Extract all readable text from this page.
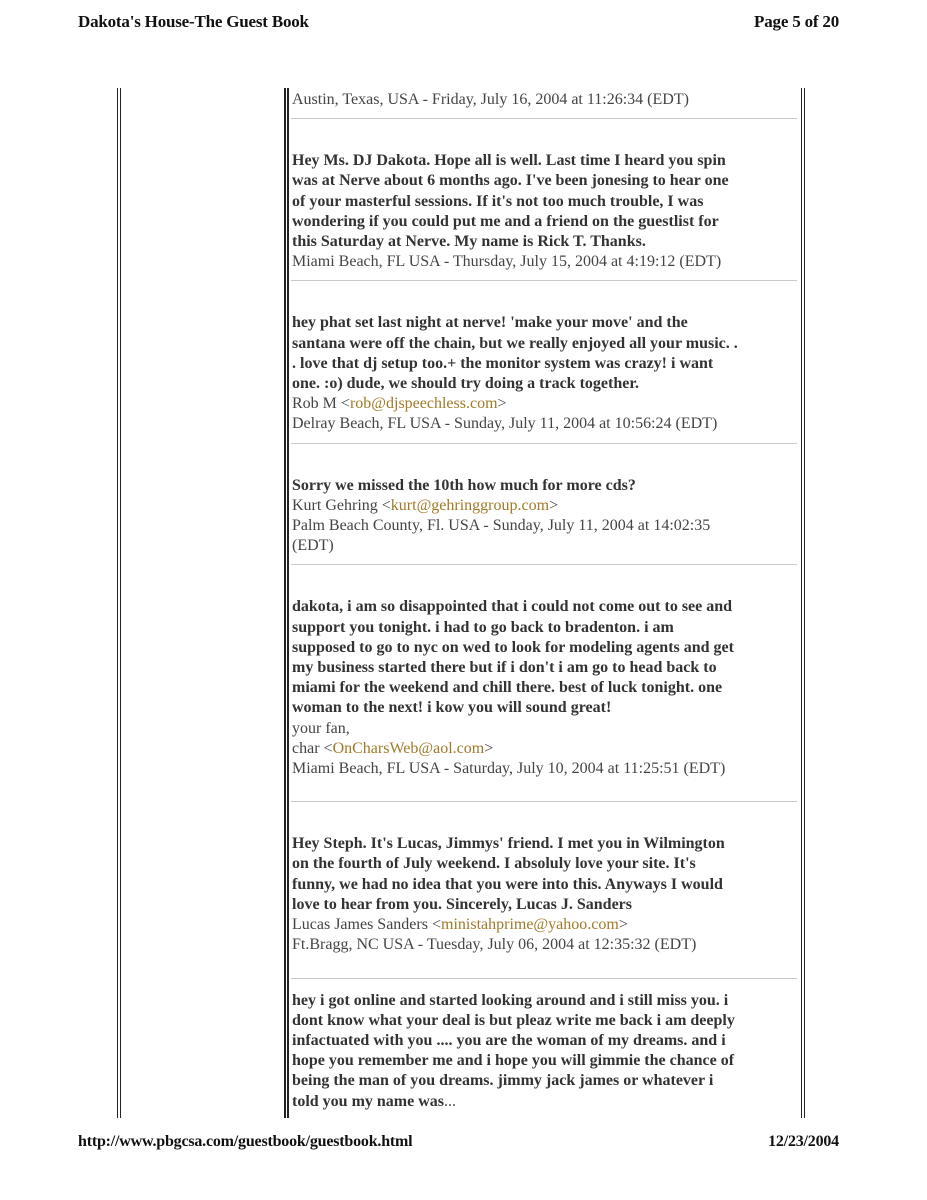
Dakota's House-The Guest Book	Page 5 of 20

Austin, Texas, USA - Friday, July 16, 2004 at 11:26:34 (EDT)

Hey Ms. DJ Dakota. Hope all is well. Last time I heard you spin

was at Nerve about 6 months ago. I've been jonesing to hear one

of your masterful sessions. If it's not too much trouble, I was

wondering if you could put me and a friend on the guestlist for

this Saturday at Nerve. My name is Rick T. Thanks.

Miami Beach, FL USA - Thursday, July 15, 2004 at 4:19:12 (EDT)

hey phat set last night at nerve! 'make your move' and the

santana were off the chain, but we really enjoyed all your music. .

. love that dj setup too.+ the monitor system was crazy! i want

one. :o) dude, we should try doing a track together.

Rob M <rob@djspeechless.com>

Delray Beach, FL USA - Sunday, July 11, 2004 at 10:56:24 (EDT)

Sorry we missed the 10th how much for more cds?

Kurt Gehring <kurt@gehringgroup.com>

Palm Beach County, Fl. USA - Sunday, July 11, 2004 at 14:02:35

(EDT)

dakota, i am so disappointed that i could not come out to see and

support you tonight. i had to go back to bradenton. i am

supposed to go to nyc on wed to look for modeling agents and get

my business started there but if i don't i am go to head back to

miami for the weekend and chill there. best of luck tonight. one

woman to the next! i kow you will sound great!

your fan,

char <OnCharsWeb@aol.com>

Miami Beach, FL USA - Saturday, July 10, 2004 at 11:25:51 (EDT)

Hey Steph. It's Lucas, Jimmys' friend. I met you in Wilmington

on the fourth of July weekend. I absoluly love your site. It's

funny, we had no idea that you were into this. Anyways I would

love to hear from you. Sincerely, Lucas J. Sanders

Lucas James Sanders <ministahprime@yahoo.com>

Ft.Bragg, NC USA - Tuesday, July 06, 2004 at 12:35:32 (EDT)

hey i got online and started looking around and i still miss you. i

dont know what your deal is but pleaz write me back i am deeply

infactuated with you .... you are the woman of my dreams. and i

hope you remember me and i hope you will gimmie the chance of

being the man of you dreams. jimmy jack james or whatever i

told you my name was...

http://www.pbgcsa.com/guestbook/guestbook.html	12/23/2004
